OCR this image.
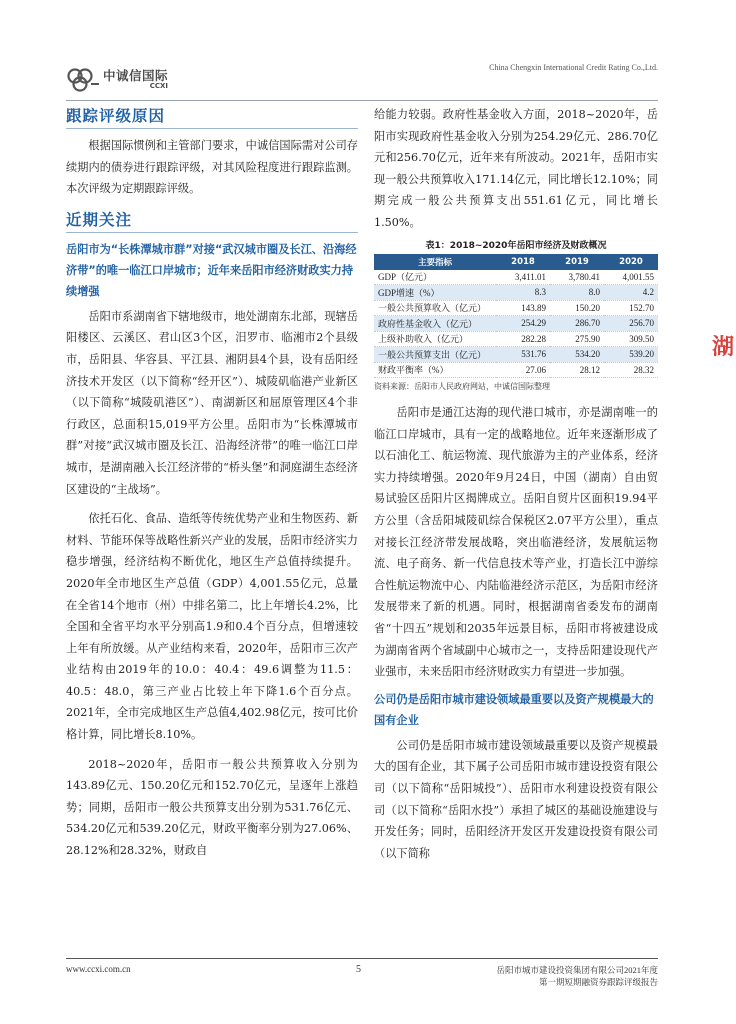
中诚信国际
CCXI
China Chengxin International Credit Rating Co.,Ltd.
跟踪评级原因

根据国际惯例和主管部门要求，中诚信国际需对公司存续期内的债券进行跟踪评级，对其风险程度进行跟踪监测。本次评级为定期跟踪评级。

近期关注
岳阳市为“长株潭城市群”对接“武汉城市圈及长江、沿海经济带”的唯一临江口岸城市；近年来岳阳市经济财政实力持续增强

岳阳市系湖南省下辖地级市，地处湖南东北部，现辖岳阳楼区、云溪区、君山区3个区，汨罗市、临湘市2个县级市，岳阳县、华容县、平江县、湘阴县4个县，设有岳阳经济技术开发区（以下简称“经开区”）、城陵矶临港产业新区（以下简称“城陵矶港区”）、南湖新区和屈原管理区4个非行政区，总面积15,019平方公里。岳阳市为“长株潭城市群”对接“武汉城市圈及长江、沿海经济带”的唯一临江口岸城市，是湖南融入长江经济带的“桥头堡”和洞庭湖生态经济区建设的“主战场”。

依托石化、食品、造纸等传统优势产业和生物医药、新材料、节能环保等战略性新兴产业的发展，岳阳市经济实力稳步增强，经济结构不断优化，地区生产总值持续提升。2020年全市地区生产总值（GDP）4,001.55亿元，总量在全省14个地市（州）中排名第二，比上年增长4.2%，比全国和全省平均水平分别高1.9和0.4个百分点，但增速较上年有所放缓。从产业结构来看，2020年，岳阳市三次产业结构由2019年的10.0：40.4：49.6调整为11.5：40.5：48.0，第三产业占比较上年下降1.6个百分点。2021年，全市完成地区生产总值4,402.98亿元，按可比价格计算，同比增长8.10%。

2018~2020年，岳阳市一般公共预算收入分别为143.89亿元、150.20亿元和152.70亿元，呈逐年上涨趋势；同期，岳阳市一般公共预算支出分别为531.76亿元、534.20亿元和539.20亿元，财政平衡率分别为27.06%、28.12%和28.32%，财政自

给能力较弱。政府性基金收入方面，2018~2020年，岳阳市实现政府性基金收入分别为254.29亿元、286.70亿元和256.70亿元，近年来有所波动。2021年，岳阳市实现一般公共预算收入171.14亿元，同比增长12.10%；同期完成一般公共预算支出551.61亿元，同比增长1.50%。

表1：2018~2020年岳阳市经济及财政概况
主要指标	2018	2019	2020
GDP（亿元）	3,411.01	3,780.41	4,001.55
GDP增速（%）	8.3	8.0	4.2
一般公共预算收入（亿元）	143.89	150.20	152.70
政府性基金收入（亿元）	254.29	286.70	256.70
上级补助收入（亿元）	282.28	275.90	309.50
一般公共预算支出（亿元）	531.76	534.20	539.20
财政平衡率（%）	27.06	28.12	28.32
资料来源：岳阳市人民政府网站，中诚信国际整理

岳阳市是通江达海的现代港口城市，亦是湖南唯一的临江口岸城市，具有一定的战略地位。近年来逐渐形成了以石油化工、航运物流、现代旅游为主的产业体系，经济实力持续增强。2020年9月24日，中国（湖南）自由贸易试验区岳阳片区揭牌成立。岳阳自贸片区面积19.94平方公里（含岳阳城陵矶综合保税区2.07平方公里），重点对接长江经济带发展战略，突出临港经济，发展航运物流、电子商务、新一代信息技术等产业，打造长江中游综合性航运物流中心、内陆临港经济示范区，为岳阳市经济发展带来了新的机遇。同时，根据湖南省委发布的湖南省“十四五”规划和2035年远景目标，岳阳市将被建设成为湖南省两个省域副中心城市之一，支持岳阳建设现代产业强市，未来岳阳市经济财政实力有望进一步加强。

公司仍是岳阳市城市建设领域最重要以及资产规模最大的国有企业

公司仍是岳阳市城市建设领域最重要以及资产规模最大的国有企业，其下属子公司岳阳市城市建设投资有限公司（以下简称“岳阳城投”）、岳阳市水利建设投资有限公司（以下简称“岳阳水投”）承担了城区的基础设施建设与开发任务；同时，岳阳经济开发区开发建设投资有限公司（以下简称

湖
www.ccxi.com.cn	5	岳阳市城市建设投资集团有限公司2021年度
第一期短期融资券跟踪评级报告
